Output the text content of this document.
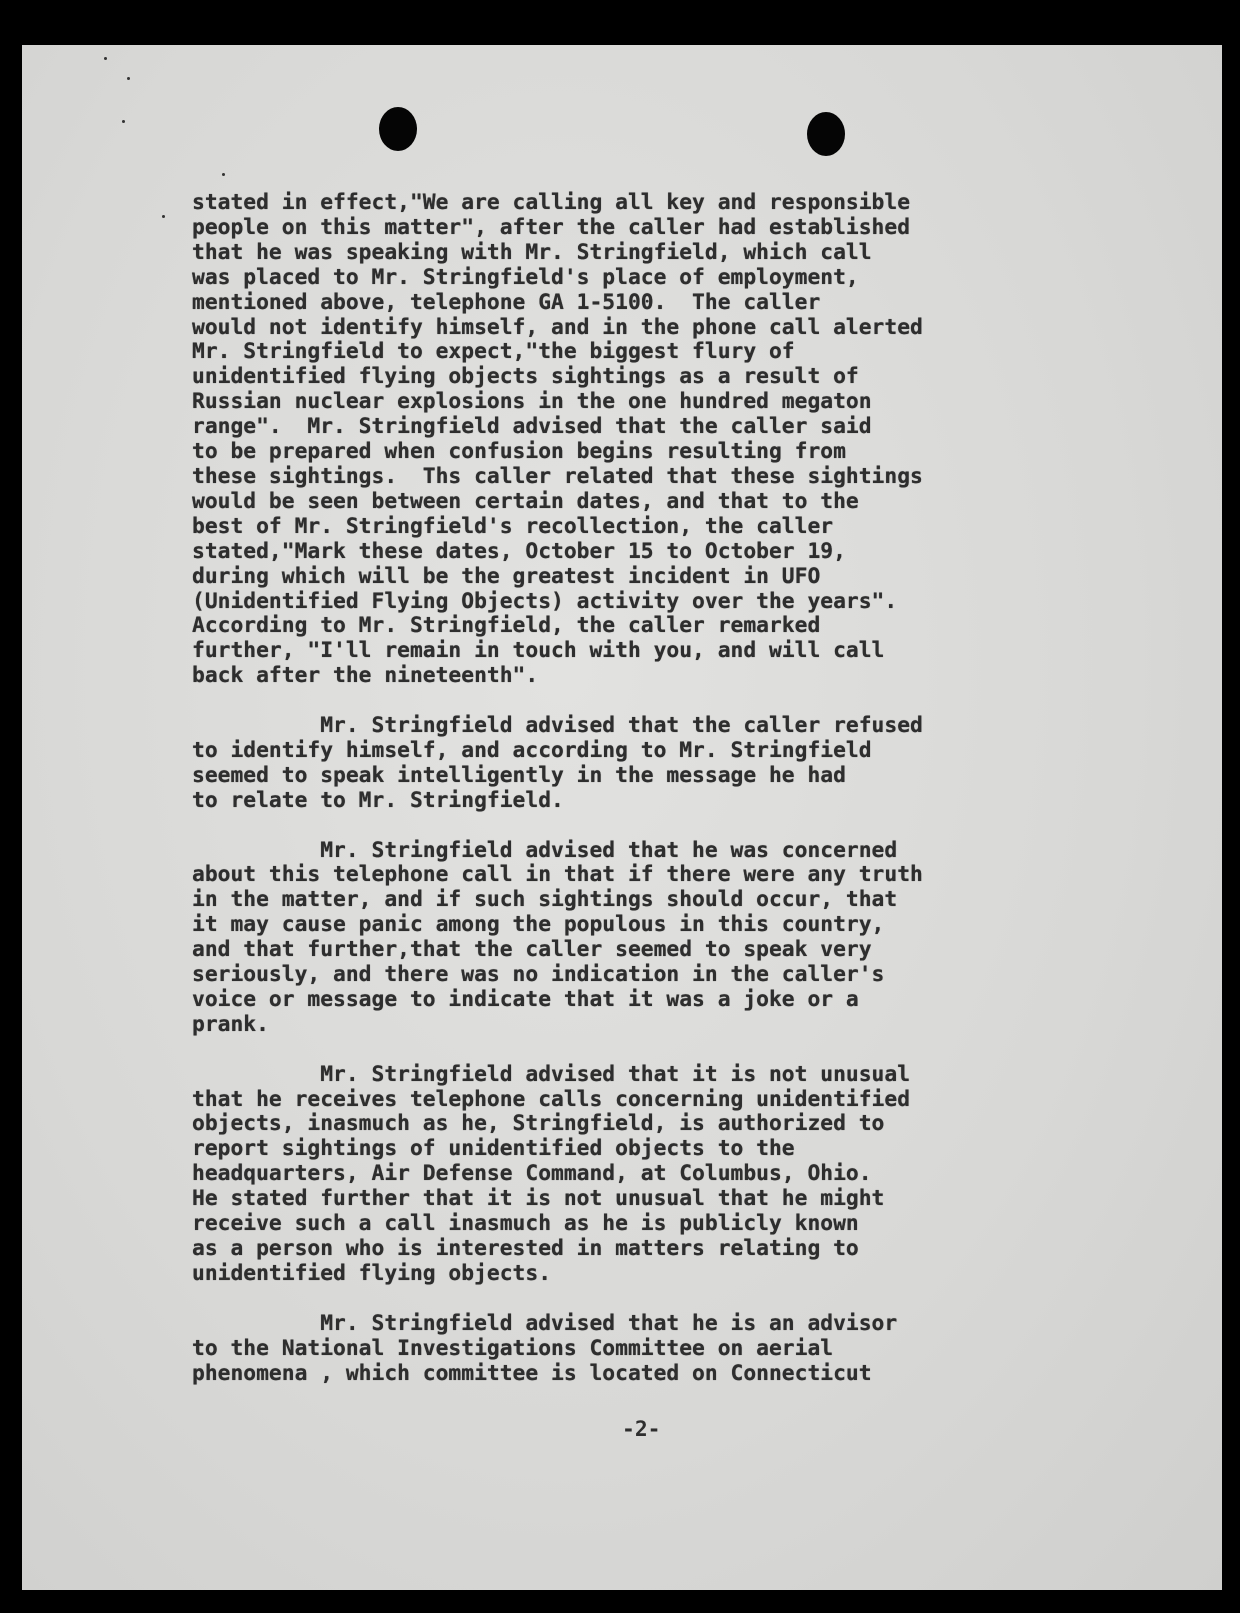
stated in effect,"We are calling all key and responsible
people on this matter", after the caller had established
that he was speaking with Mr. Stringfield, which call
was placed to Mr. Stringfield's place of employment,
mentioned above, telephone GA 1-5100.  The caller
would not identify himself, and in the phone call alerted
Mr. Stringfield to expect,"the biggest flury of
unidentified flying objects sightings as a result of
Russian nuclear explosions in the one hundred megaton
range".  Mr. Stringfield advised that the caller said
to be prepared when confusion begins resulting from
these sightings.  Ths caller related that these sightings
would be seen between certain dates, and that to the
best of Mr. Stringfield's recollection, the caller
stated,"Mark these dates, October 15 to October 19,
during which will be the greatest incident in UFO
(Unidentified Flying Objects) activity over the years".
According to Mr. Stringfield, the caller remarked
further, "I'll remain in touch with you, and will call
back after the nineteenth".
Mr. Stringfield advised that the caller refused
to identify himself, and according to Mr. Stringfield
seemed to speak intelligently in the message he had
to relate to Mr. Stringfield.
Mr. Stringfield advised that he was concerned
about this telephone call in that if there were any truth
in the matter, and if such sightings should occur, that
it may cause panic among the populous in this country,
and that further,that the caller seemed to speak very
seriously, and there was no indication in the caller's
voice or message to indicate that it was a joke or a
prank.
Mr. Stringfield advised that it is not unusual
that he receives telephone calls concerning unidentified
objects, inasmuch as he, Stringfield, is authorized to
report sightings of unidentified objects to the
headquarters, Air Defense Command, at Columbus, Ohio.
He stated further that it is not unusual that he might
receive such a call inasmuch as he is publicly known
as a person who is interested in matters relating to
unidentified flying objects.
Mr. Stringfield advised that he is an advisor
to the National Investigations Committee on aerial
phenomena , which committee is located on Connecticut
-2-
